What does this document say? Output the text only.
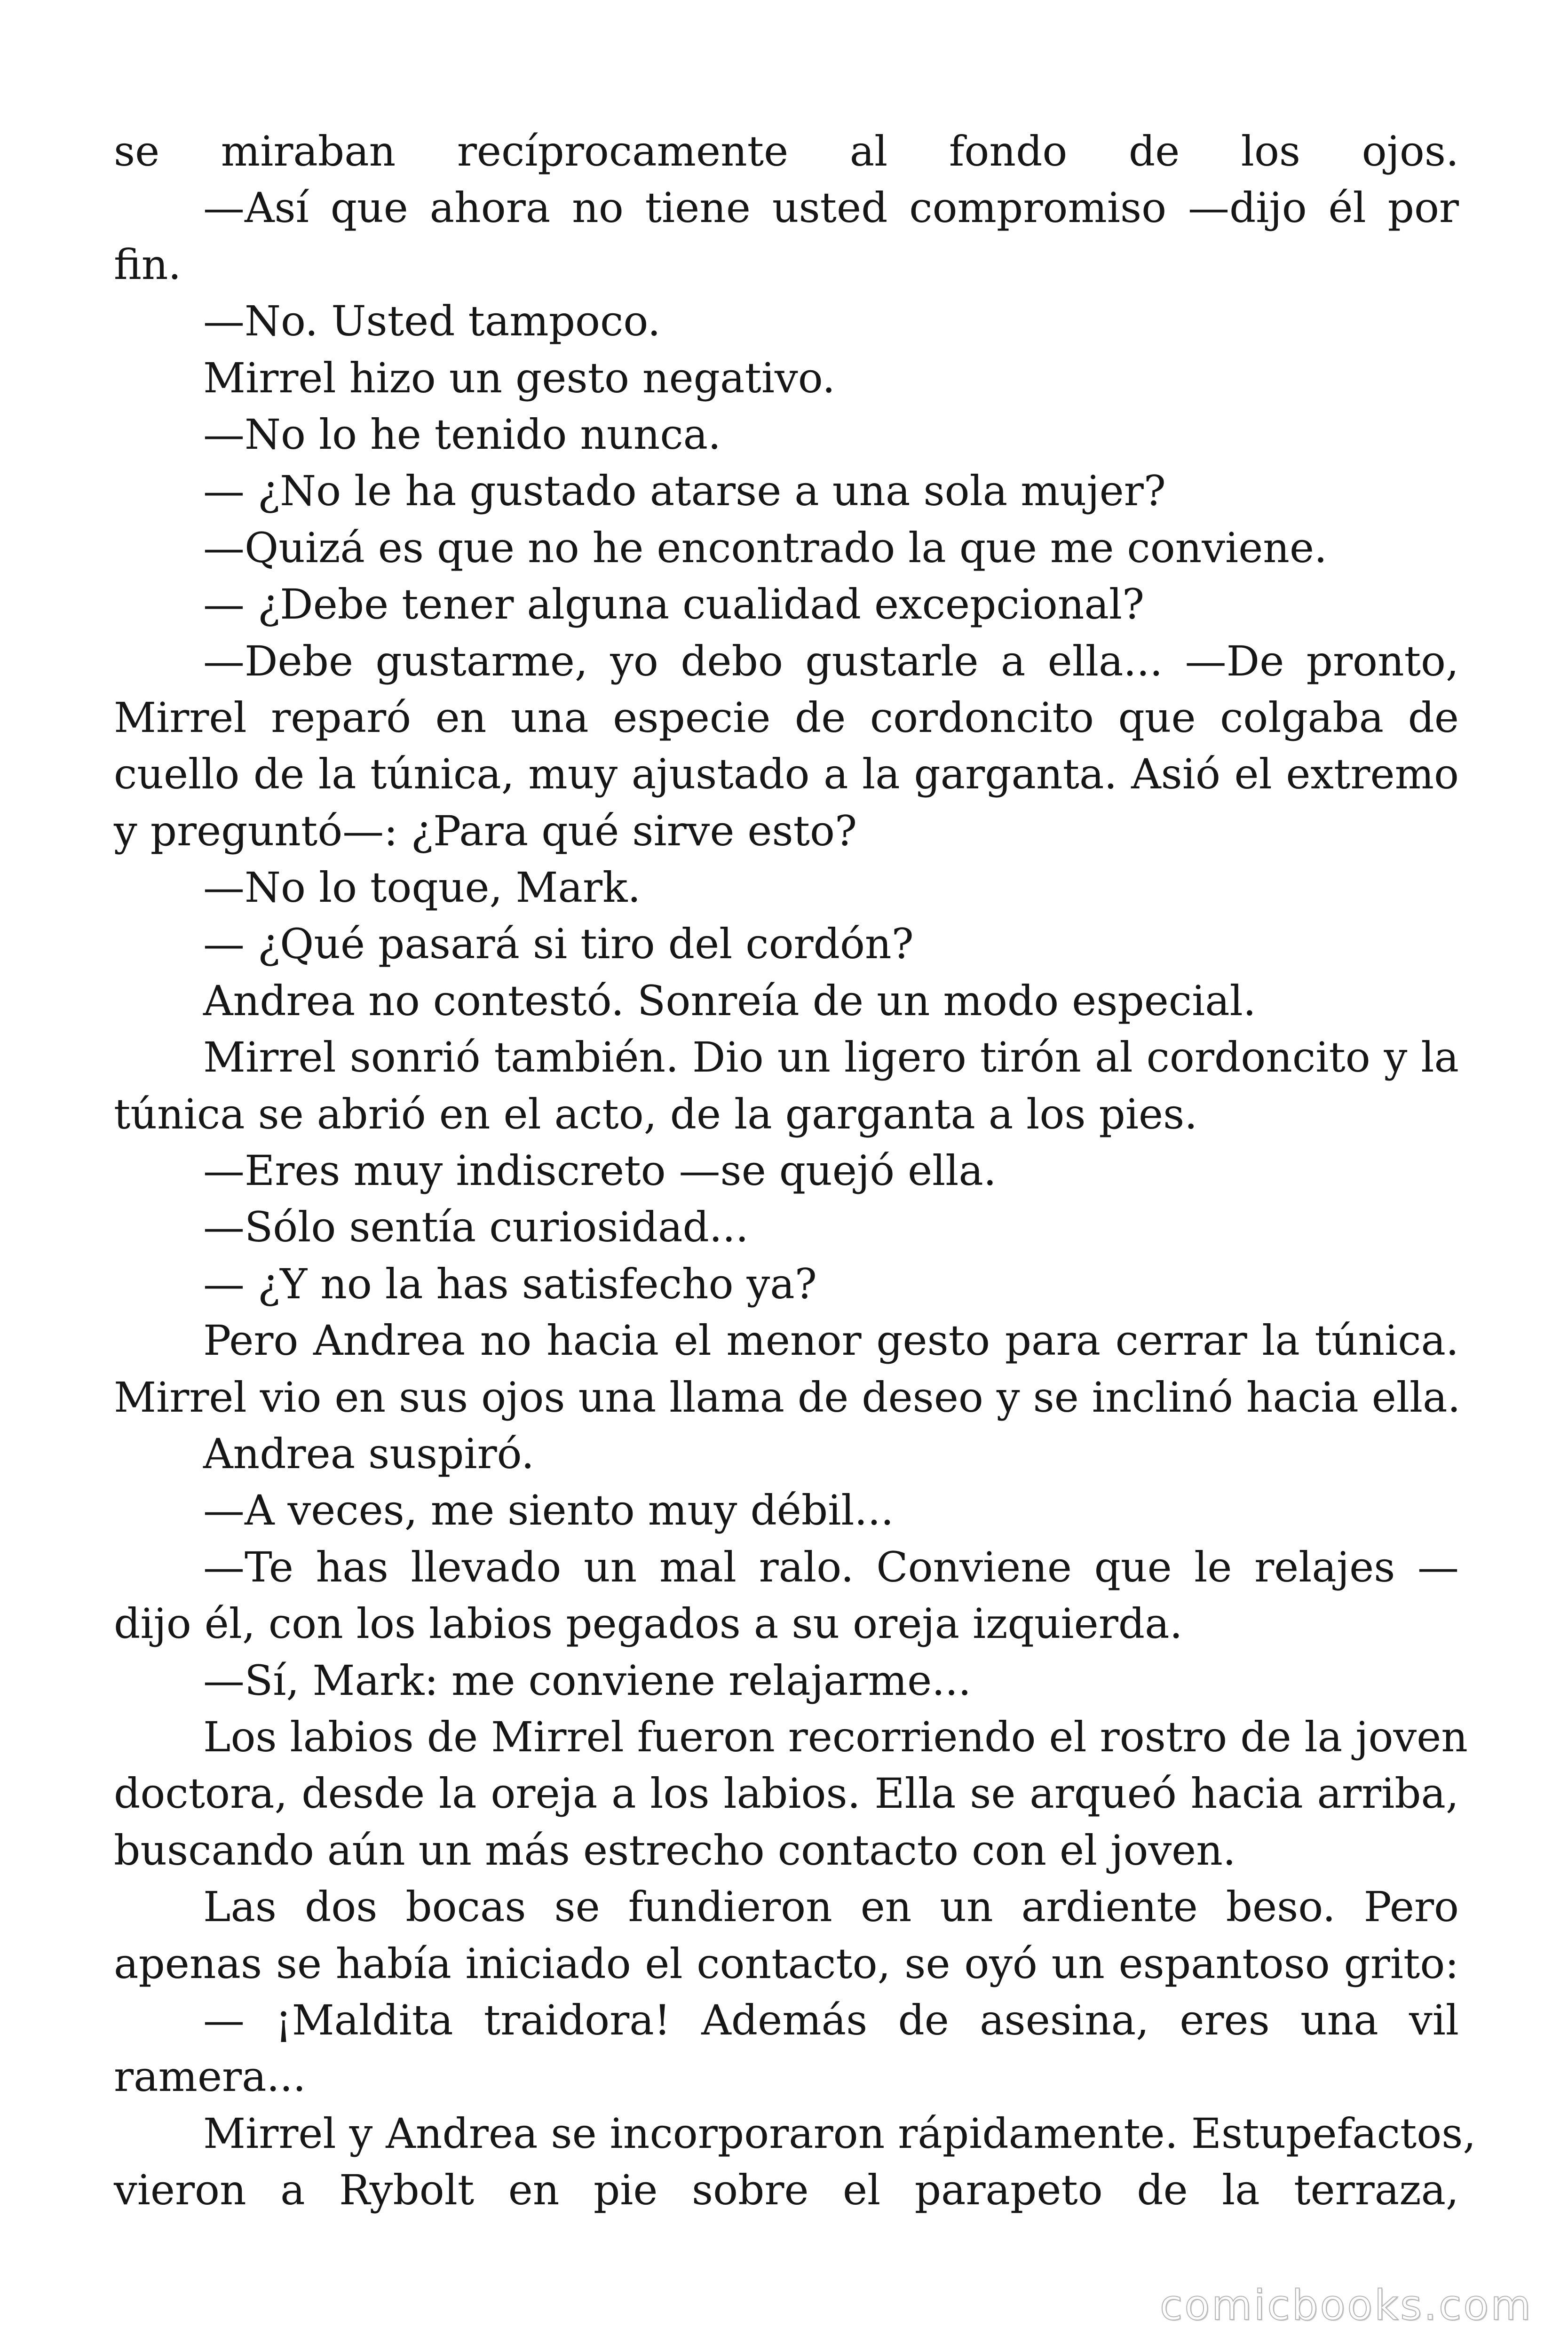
se miraban recíprocamente al fondo de los ojos.
—Así que ahora no tiene usted compromiso —dijo él por
fin.
—No. Usted tampoco.
Mirrel hizo un gesto negativo.
—No lo he tenido nunca.
— ¿No le ha gustado atarse a una sola mujer?
—Quizá es que no he encontrado la que me conviene.
— ¿Debe tener alguna cualidad excepcional?
—Debe gustarme, yo debo gustarle a ella... —De pronto,
Mirrel reparó en una especie de cordoncito que colgaba de
cuello de la túnica, muy ajustado a la garganta. Asió el extremo
y preguntó—: ¿Para qué sirve esto?
—No lo toque, Mark.
— ¿Qué pasará si tiro del cordón?
Andrea no contestó. Sonreía de un modo especial.
Mirrel sonrió también. Dio un ligero tirón al cordoncito y la
túnica se abrió en el acto, de la garganta a los pies.
—Eres muy indiscreto —se quejó ella.
—Sólo sentía curiosidad...
— ¿Y no la has satisfecho ya?
Pero Andrea no hacia el menor gesto para cerrar la túnica.
Mirrel vio en sus ojos una llama de deseo y se inclinó hacia ella.
Andrea suspiró.
—A veces, me siento muy débil...
—Te has llevado un mal ralo. Conviene que le relajes —
dijo él, con los labios pegados a su oreja izquierda.
—Sí, Mark: me conviene relajarme...
Los labios de Mirrel fueron recorriendo el rostro de la joven
doctora, desde la oreja a los labios. Ella se arqueó hacia arriba,
buscando aún un más estrecho contacto con el joven.
Las dos bocas se fundieron en un ardiente beso. Pero
apenas se había iniciado el contacto, se oyó un espantoso grito:
— ¡Maldita traidora! Además de asesina, eres una vil
ramera...
Mirrel y Andrea se incorporaron rápidamente. Estupefactos,
vieron a Rybolt en pie sobre el parapeto de la terraza,
comicbooks.com
